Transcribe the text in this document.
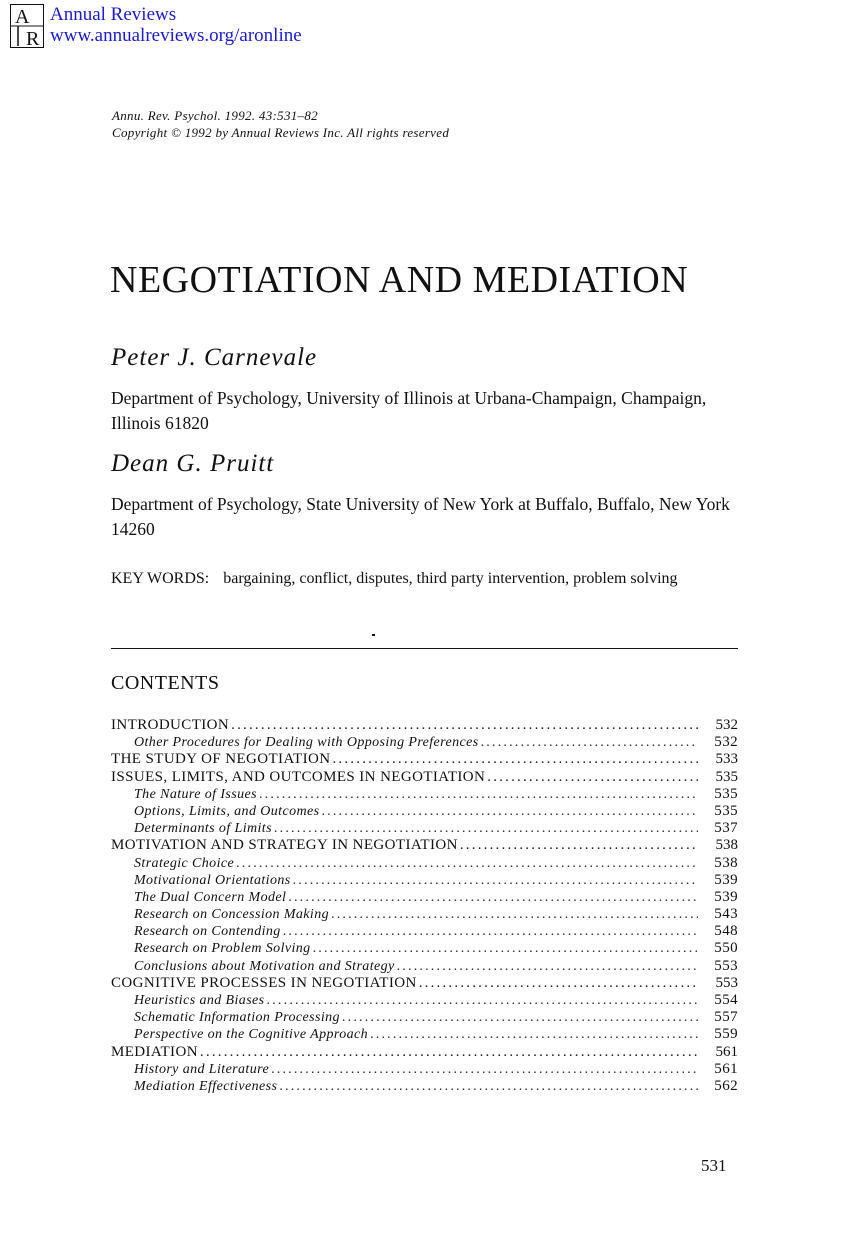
A
R
Annual Reviews
www.annualreviews.org/aronline
Annu. Rev. Psychol. 1992. 43:531–82
Copyright © 1992 by Annual Reviews Inc. All rights reserved
NEGOTIATION AND MEDIATION
Peter J. Carnevale

Department of Psychology, University of Illinois at Urbana-Champaign, Champaign, Illinois 61820

Dean G. Pruitt

Department of Psychology, State University of New York at Buffalo, Buffalo, New York 14260

KEY WORDS: bargaining, conflict, disputes, third party intervention, problem solving
CONTENTS
INTRODUCTION .....	532
Other Procedures for Dealing with Opposing Preferences .....	532
THE STUDY OF NEGOTIATION .....	533
ISSUES, LIMITS, AND OUTCOMES IN NEGOTIATION .....	535
The Nature of Issues .....	535
Options, Limits, and Outcomes .....	535
Determinants of Limits .....	537
MOTIVATION AND STRATEGY IN NEGOTIATION .....	538
Strategic Choice .....	538
Motivational Orientations .....	539
The Dual Concern Model .....	539
Research on Concession Making .....	543
Research on Contending .....	548
Research on Problem Solving .....	550
Conclusions about Motivation and Strategy .....	553
COGNITIVE PROCESSES IN NEGOTIATION .....	553
Heuristics and Biases .....	554
Schematic Information Processing .....	557
Perspective on the Cognitive Approach .....	559
MEDIATION .....	561
History and Literature .....	561
Mediation Effectiveness .....	562
531
